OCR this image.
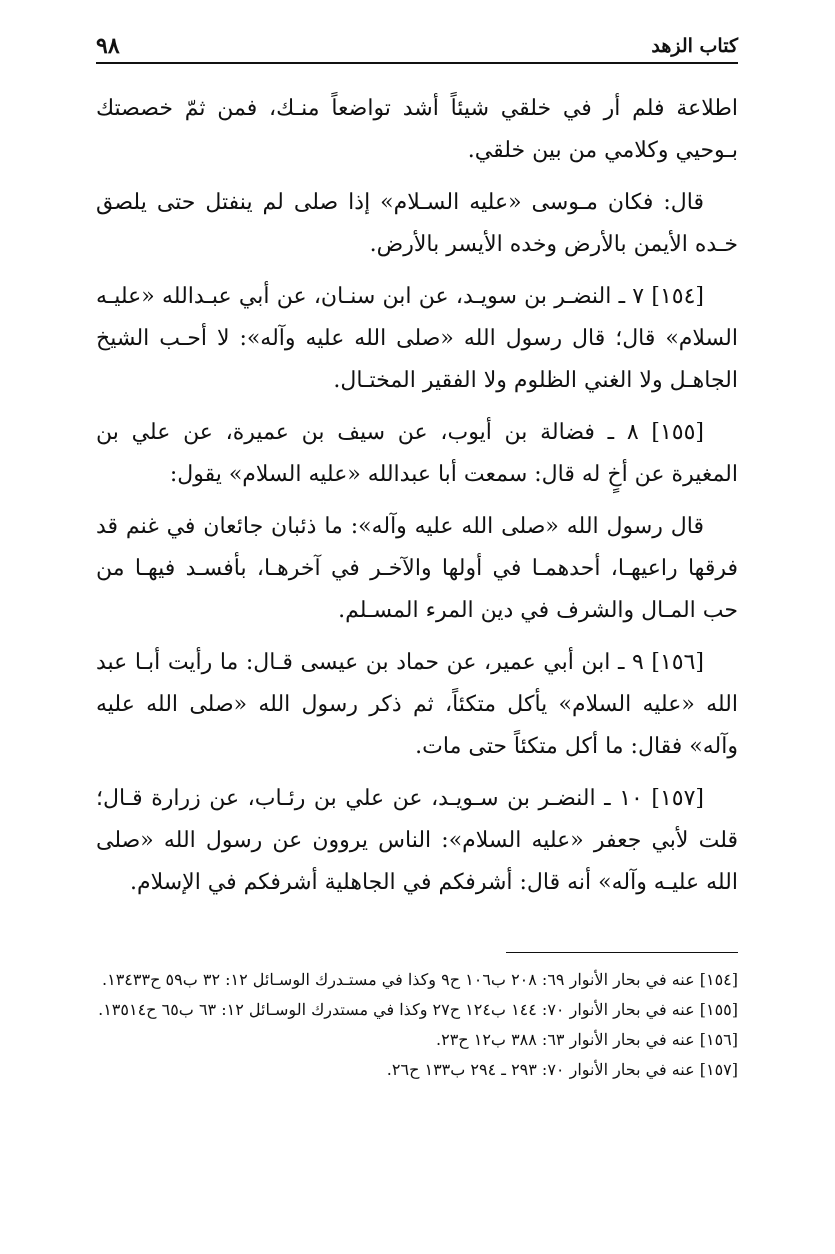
كتاب الزهد
٩٨

اطلاعة فلم أر في خلقي شيئاً أشد تواضعاً منـك، فمن ثمّ خصصتك بـوحيي وكلامي من بين خلقي.

قال: فكان مـوسى «عليه السـلام» إذا صلى لم ينفتل حتى يلصق خـده الأيمن بالأرض وخده الأيسر بالأرض.

[١٥٤] ٧ ـ النضـر بن سويـد، عن ابن سنـان، عن أبي عبـدالله «عليـه السلام» قال؛ قال رسول الله «صلى الله عليه وآله»: لا أحـب الشيخ الجاهـل ولا الغني الظلوم ولا الفقير المختـال.

[١٥٥] ٨ ـ فضالة بن أيوب، عن سيف بن عميرة، عن علي بن المغيرة عن أخٍ له قال: سمعت أبا عبدالله «عليه السلام» يقول:

قال رسول الله «صلى الله عليه وآله»: ما ذئبان جائعان في غنم قد فرقها راعيهـا، أحدهمـا في أولها والآخـر في آخرهـا، بأفسـد فيهـا من حب المـال والشرف في دين المرء المسـلم.

[١٥٦] ٩ ـ ابن أبي عمير، عن حماد بن عيسى قـال: ما رأيت أبـا عبد الله «عليه السلام» يأكل متكئاً، ثم ذكر رسول الله «صلى الله عليه وآله» فقال: ما أكل متكئاً حتى مات.

[١٥٧] ١٠ ـ النضـر بن سـويـد، عن علي بن رئـاب، عن زرارة قـال؛ قلت لأبي جعفر «عليه السلام»: الناس يروون عن رسول الله «صلى الله عليـه وآله» أنه قال: أشرفكم في الجاهلية أشرفكم في الإسلام.

[١٥٤] عنه في بحار الأنوار ٦٩: ٢٠٨ ب١٠٦ ح٩ وكذا في مستـدرك الوسـائل ١٢: ٣٢ ب٥٩ ح١٣٤٣٣.

[١٥٥] عنه في بحار الأنوار ٧٠: ١٤٤ ب١٢٤ ح٢٧ وكذا في مستدرك الوسـائل ١٢: ٦٣ ب٦٥ ح١٣٥١٤.

[١٥٦] عنه في بحار الأنوار ٦٣: ٣٨٨ ب١٢ ح٢٣.

[١٥٧] عنه في بحار الأنوار ٧٠: ٢٩٣ ـ ٢٩٤ ب١٣٣ ح٢٦.
